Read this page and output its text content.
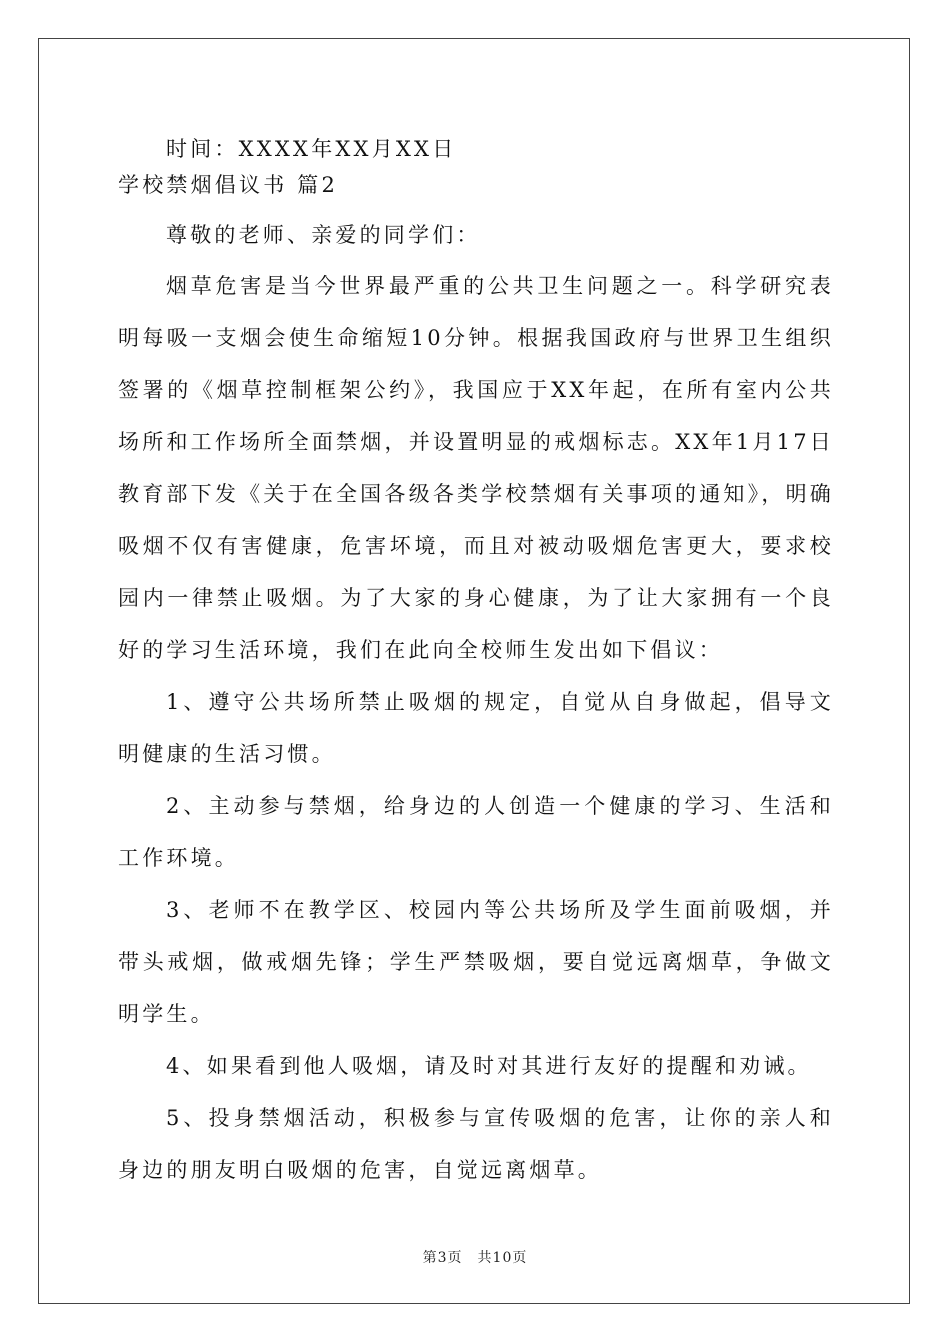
时间：XXXX年XX月XX日
学校禁烟倡议书 篇2
尊敬的老师、亲爱的同学们：

烟草危害是当今世界最严重的公共卫生问题之一。科学研究表明每吸一支烟会使生命缩短10分钟。根据我国政府与世界卫生组织签署的《烟草控制框架公约》，我国应于XX年起，在所有室内公共场所和工作场所全面禁烟，并设置明显的戒烟标志。XX年1月17日教育部下发《关于在全国各级各类学校禁烟有关事项的通知》，明确吸烟不仅有害健康，危害坏境，而且对被动吸烟危害更大，要求校园内一律禁止吸烟。为了大家的身心健康，为了让大家拥有一个良好的学习生活环境，我们在此向全校师生发出如下倡议：

1、遵守公共场所禁止吸烟的规定，自觉从自身做起，倡导文明健康的生活习惯。

2、主动参与禁烟，给身边的人创造一个健康的学习、生活和工作环境。

3、老师不在教学区、校园内等公共场所及学生面前吸烟，并带头戒烟，做戒烟先锋；学生严禁吸烟，要自觉远离烟草，争做文明学生。

4、如果看到他人吸烟，请及时对其进行友好的提醒和劝诫。

5、投身禁烟活动，积极参与宣传吸烟的危害，让你的亲人和身边的朋友明白吸烟的危害，自觉远离烟草。

第3页　共10页
